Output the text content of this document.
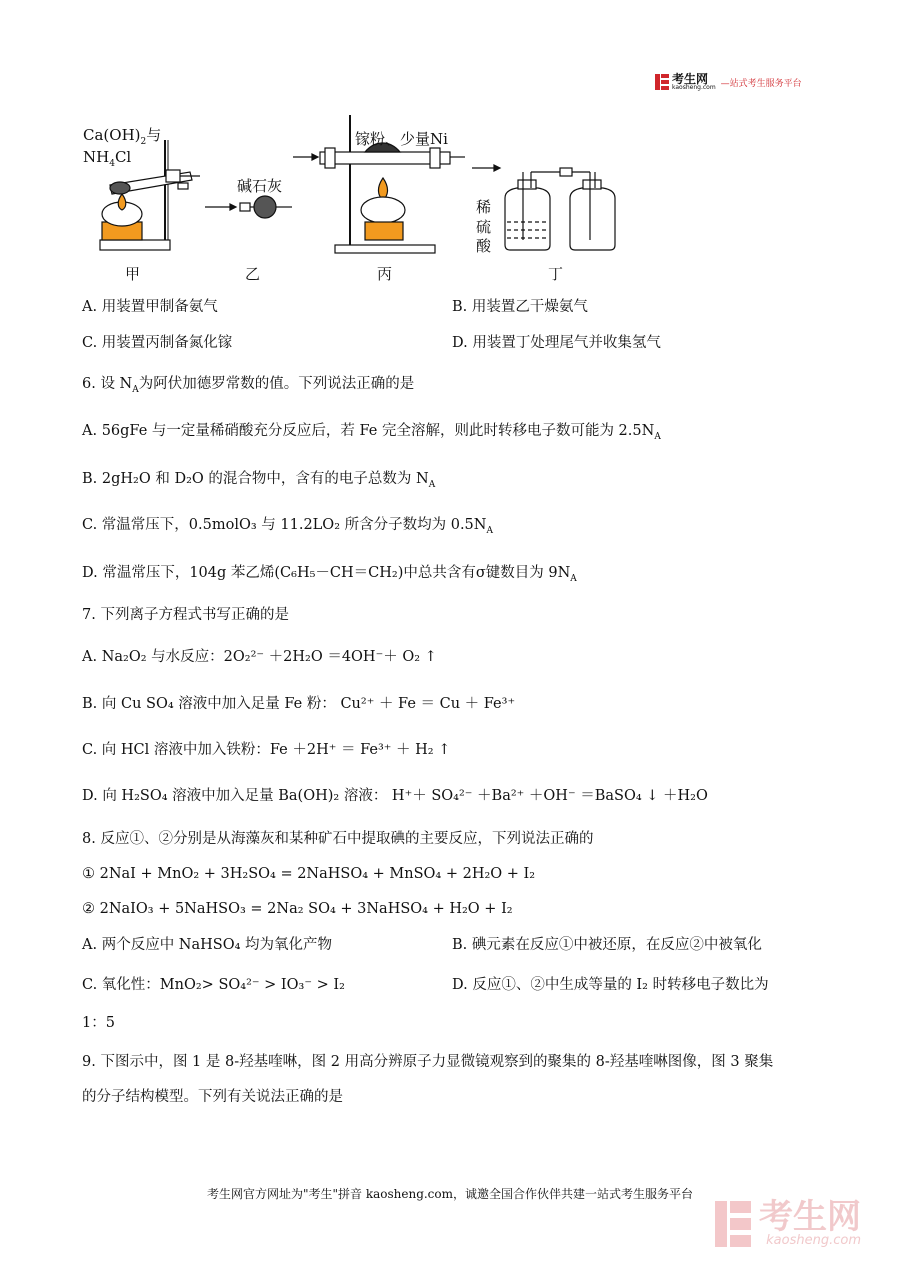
考生网
kaosheng.com —站式考生服务平台
$Ca(OH)_2$与
$NH_4Cl$
碱石灰
镓粉、少量Ni
稀
硫
酸
甲	乙	丙	丁
A. 用装置甲制备氨气	B. 用装置乙干燥氨气
C. 用装置丙制备氮化镓	D. 用装置丁处理尾气并收集氢气
6. 设 $N_A$为阿伏加德罗常数的值。下列说法正确的是
A. 56gFe 与一定量稀硝酸充分反应后，若 Fe 完全溶解，则此时转移电子数可能为 $2.5N_A$
B. 2gH₂O 和 D₂O 的混合物中，含有的电子总数为 $N_A$
C. 常温常压下，0.5molO₃ 与 11.2LO₂ 所含分子数均为 $0.5N_A$
D. 常温常压下，104g 苯乙烯(C₆H₅－CH＝CH₂)中总共含有σ键数目为 $9N_A$
7. 下列离子方程式书写正确的是
A. Na₂O₂ 与水反应：2O₂²⁻ ＋2H₂O ＝4OH⁻＋ O₂ ↑
B. 向 Cu SO₄ 溶液中加入足量 Fe 粉： Cu²⁺ ＋ Fe ＝ Cu ＋ Fe³⁺
C. 向 HCl 溶液中加入铁粉：Fe ＋2H⁺ ＝ Fe³⁺ ＋ H₂ ↑
D. 向 H₂SO₄ 溶液中加入足量 Ba(OH)₂ 溶液： H⁺＋ SO₄²⁻ ＋Ba²⁺ ＋OH⁻ ＝BaSO₄ ↓ ＋H₂O
8. 反应①、②分别是从海藻灰和某种矿石中提取碘的主要反应，下列说法正确的
① 2NaI + MnO₂ + 3H₂SO₄ = 2NaHSO₄ + MnSO₄ + 2H₂O + I₂
② 2NaIO₃ + 5NaHSO₃ = 2Na₂ SO₄ + 3NaHSO₄ + H₂O + I₂
A. 两个反应中 NaHSO₄ 均为氧化产物	B. 碘元素在反应①中被还原，在反应②中被氧化
C. 氧化性：MnO₂> SO₄²⁻ > IO₃⁻ > I₂	D. 反应①、②中生成等量的 I₂ 时转移电子数比为
1：5
9. 下图示中，图 1 是 8-羟基喹啉，图 2 用高分辨原子力显微镜观察到的聚集的 8-羟基喹啉图像，图 3 聚集
的分子结构模型。下列有关说法正确的是
考生网官方网址为"考生"拼音 kaosheng.com，诚邀全国合作伙伴共建一站式考生服务平台
考生网
kaosheng.com
